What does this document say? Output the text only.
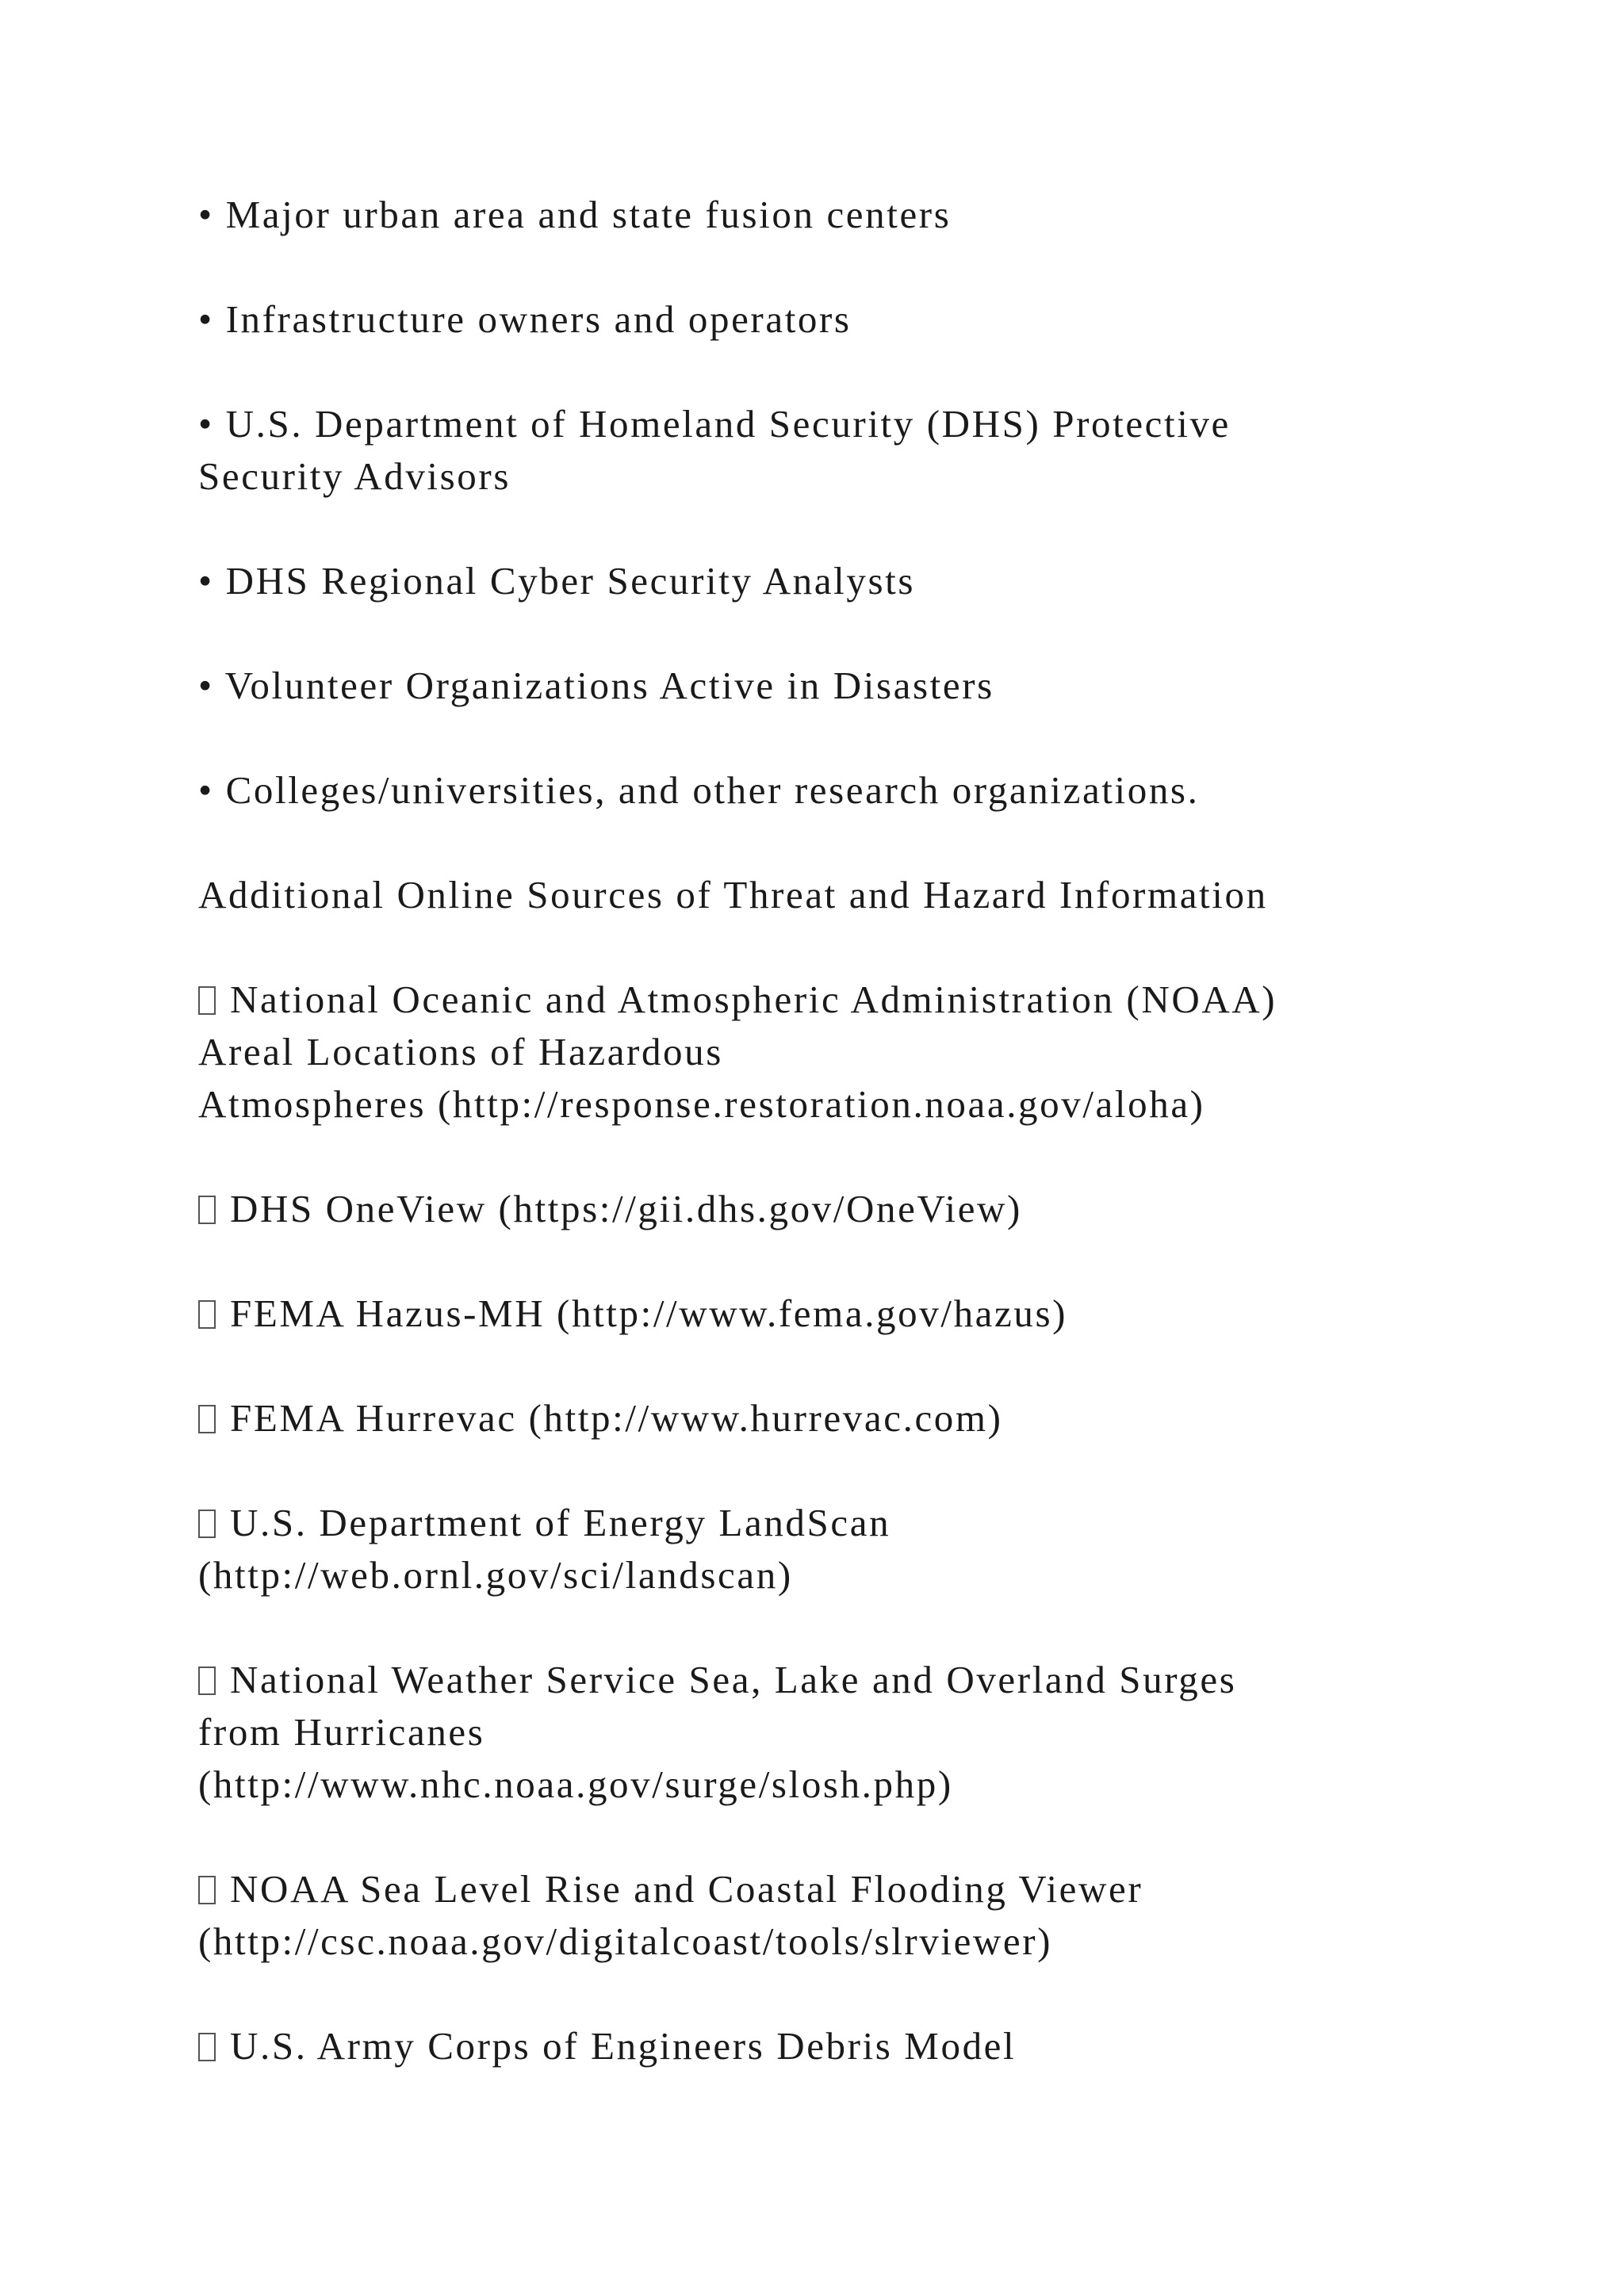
• Major urban area and state fusion centers
• Infrastructure owners and operators
• U.S. Department of Homeland Security (DHS) Protective
Security Advisors
• DHS Regional Cyber Security Analysts
• Volunteer Organizations Active in Disasters
• Colleges/universities, and other research organizations.
Additional Online Sources of Threat and Hazard Information
National Oceanic and Atmospheric Administration (NOAA)
Areal Locations of Hazardous
Atmospheres (http://response.restoration.noaa.gov/aloha)
DHS OneView (https://gii.dhs.gov/OneView)
FEMA Hazus-MH (http://www.fema.gov/hazus)
FEMA Hurrevac (http://www.hurrevac.com)
U.S. Department of Energy LandScan
(http://web.ornl.gov/sci/landscan)
National Weather Service Sea, Lake and Overland Surges
from Hurricanes
(http://www.nhc.noaa.gov/surge/slosh.php)
NOAA Sea Level Rise and Coastal Flooding Viewer
(http://csc.noaa.gov/digitalcoast/tools/slrviewer)
U.S. Army Corps of Engineers Debris Model
